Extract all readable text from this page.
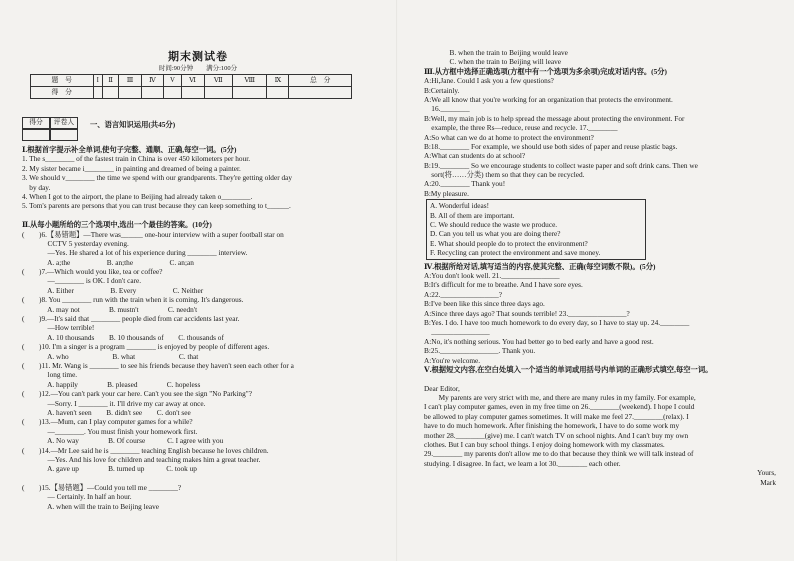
期末测试卷
时间:90分钟　　满分:100分
题　号	I	Ⅱ	Ⅲ	Ⅳ	V	Ⅵ	Ⅶ	Ⅷ	Ⅸ	总　分
得　分										
得分	评卷人	一、语言知识运用(共45分)
Ⅰ.根据首字提示补全单词,使句子完整、通顺、正确,每空一词。(5分)
1. The s________ of the fastest train in China is over 450 kilometers per hour.
2. My sister became i________ in painting and dreamed of being a painter.
3. We should v________ the time we spend with our grandparents. They're getting older day
by day.
4. When I got to the airport, the plane to Beijing had already taken o________.
5. Tom's parents are persons that you can trust because they can keep something to t______.
Ⅱ.从每小题所给的三个选项中,选出一个最佳的答案。(10分)
(　　)6.【易错题】—There was______ one-hour interview with a super football star on
CCTV 5 yesterday evening.
—Yes. He shared a lot of his experience during ________ interview.
A. a;the　　　　　B. an;the　　　　　C. an;an
(　　)7.—Which would you like, tea or coffee?
—________ is OK. I don't care.
A. Either　　　　　B. Every　　　　　C. Neither
(　　)8. You ________ run with the train when it is coming. It's dangerous.
A. may not　　　　B. mustn't　　　　C. needn't
(　　)9.—It's said that ________ people died from car accidents last year.
—How terrible!
A. 10 thousands　　B. 10 thousands of　　C. thousands of
(　　)10. I'm a singer is a program ________ is enjoyed by people of different ages.
A. who　　　　　　B. what　　　　　　C. that
(　　)11. Mr. Wang is ________ to see his friends because they haven't seen each other for a
long time.
A. happily　　　　B. pleased　　　　C. hopeless
(　　)12.—You can't park your car here. Can't you see the sign "No Parking"?
—Sorry. I ________ it. I'll drive my car away at once.
A. haven't seen　　B. didn't see　　C. don't see
(　　)13.—Mum, can I play computer games for a while?
—________. You must finish your homework first.
A. No way　　　　B. Of course　　　C. I agree with you
(　　)14.—Mr Lee said he is ________ teaching English because he loves children.
—Yes. And his love for children and teaching makes him a great teacher.
A. gave up　　　　B. turned up　　　C. took up
(　　)15.【易错题】—Could you tell me ________?
— Certainly. In half an hour.
A. when will the train to Beijing leave
B. when the train to Beijing would leave
C. when the train to Beijing will leave
Ⅲ.从方框中选择正确选项(方框中有一个选项为多余项)完成对话内容。(5分)
A:Hi,Jane. Could I ask you a few questions?
B:Certainly.
A:We all know that you're working for an organization that protects the environment.
16.________
B:Well, my main job is to help spread the message about protecting the environment. For
example, the three Rs—reduce, reuse and recycle. 17.________
A:So what can we do at home to protect the environment?
B:18.________ For example, we should use both sides of paper and reuse plastic bags.
A:What can students do at school?
B:19.________ So we encourage students to collect waste paper and soft drink cans. Then we
sort(将……分类) them so that they can be recycled.
A:20.________ Thank you!
B:My pleasure.
A. Wonderful ideas!
B. All of them are important.
C. We should reduce the waste we produce.
D. Can you tell us what you are doing there?
E. What should people do to protect the environment?
F. Recycling can protect the environment and save money.
Ⅳ.根据所给对话,填写适当的内容,使其完整、正确(每空词数不限)。(5分)
A:You don't look well. 21.________________
B:It's difficult for me to breathe. And I have sore eyes.
A:22.________________?
B:I've been like this since three days ago.
A:Since three days ago? That sounds terrible! 23.________________?
B:Yes. I do. I have too much homework to do every day, so I have to stay up. 24.________
________________
A:No, it's nothing serious. You had better go to bed early and have a good rest.
B:25.________________. Thank you.
A:You're welcome.
Ⅴ.根据短文内容,在空白处填入一个适当的单词或用括号内单词的正确形式填空,每空一词。

Dear Editor,
My parents are very strict with me, and there are many rules in my family. For example,
I can't play computer games, even in my free time on 26.________(weekend). I hope I could
be allowed to play computer games sometimes. It will make me feel 27.________(relax). I
have to do much homework. After finishing the homework, I have to do some work my
mother 28.________(give) me. I can't watch TV on school nights. And I can't buy my own
clothes. But I can buy school things. I enjoy doing homework with my classmates.
29.________ my parents don't allow me to do that because they think we will talk instead of
studying. I disagree. In fact, we learn a lot 30.________ each other.
Yours,
Mark
